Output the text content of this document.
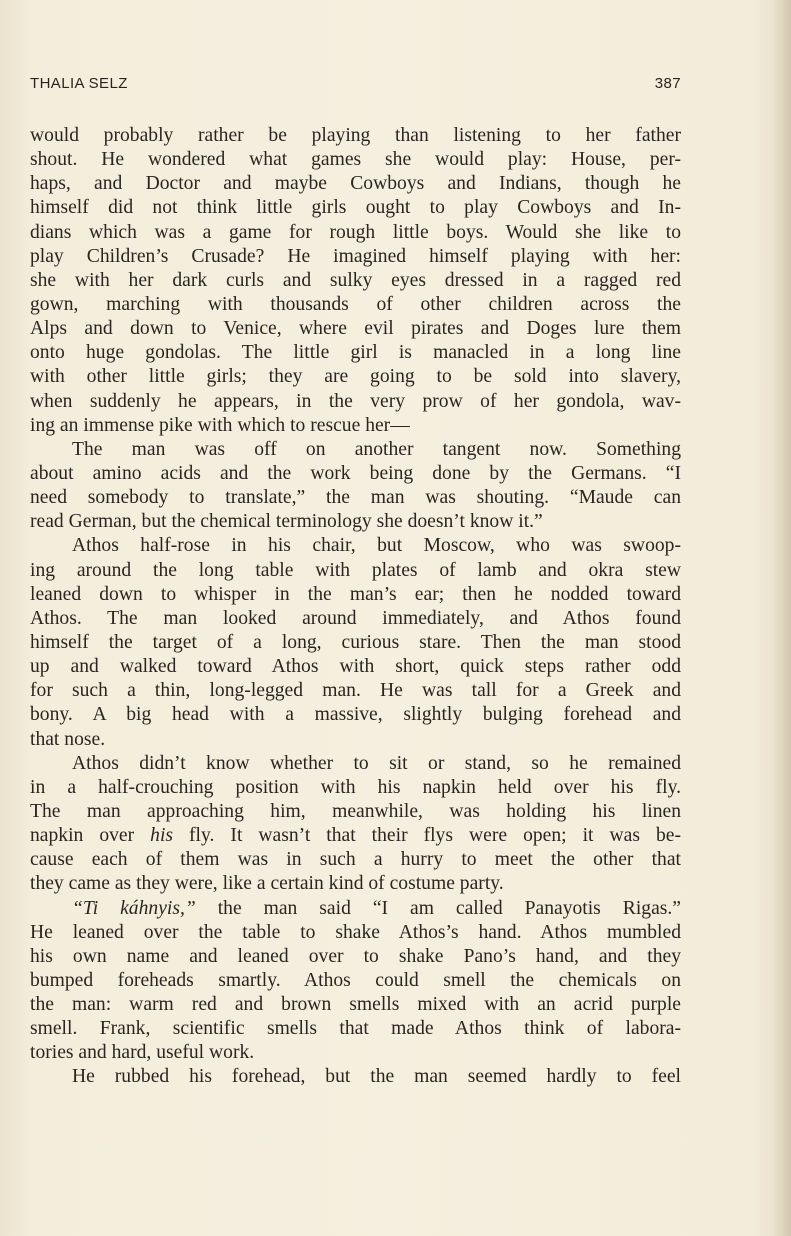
THALIA SELZ	387
would probably rather be playing than listening to her father
shout. He wondered what games she would play: House, per-
haps, and Doctor and maybe Cowboys and Indians, though he
himself did not think little girls ought to play Cowboys and In-
dians which was a game for rough little boys. Would she like to
play Children’s Crusade? He imagined himself playing with her:
she with her dark curls and sulky eyes dressed in a ragged red
gown, marching with thousands of other children across the
Alps and down to Venice, where evil pirates and Doges lure them
onto huge gondolas. The little girl is manacled in a long line
with other little girls; they are going to be sold into slavery,
when suddenly he appears, in the very prow of her gondola, wav-
ing an immense pike with which to rescue her—
The man was off on another tangent now. Something
about amino acids and the work being done by the Germans. “I
need somebody to translate,” the man was shouting. “Maude can
read German, but the chemical terminology she doesn’t know it.”
Athos half-rose in his chair, but Moscow, who was swoop-
ing around the long table with plates of lamb and okra stew
leaned down to whisper in the man’s ear; then he nodded toward
Athos. The man looked around immediately, and Athos found
himself the target of a long, curious stare. Then the man stood
up and walked toward Athos with short, quick steps rather odd
for such a thin, long-legged man. He was tall for a Greek and
bony. A big head with a massive, slightly bulging forehead and
that nose.
Athos didn’t know whether to sit or stand, so he remained
in a half-crouching position with his napkin held over his fly.
The man approaching him, meanwhile, was holding his linen
napkin over his fly. It wasn’t that their flys were open; it was be-
cause each of them was in such a hurry to meet the other that
they came as they were, like a certain kind of costume party.
“Ti káhnyis,” the man said “I am called Panayotis Rigas.”
He leaned over the table to shake Athos’s hand. Athos mumbled
his own name and leaned over to shake Pano’s hand, and they
bumped foreheads smartly. Athos could smell the chemicals on
the man: warm red and brown smells mixed with an acrid purple
smell. Frank, scientific smells that made Athos think of labora-
tories and hard, useful work.
He rubbed his forehead, but the man seemed hardly to feel
